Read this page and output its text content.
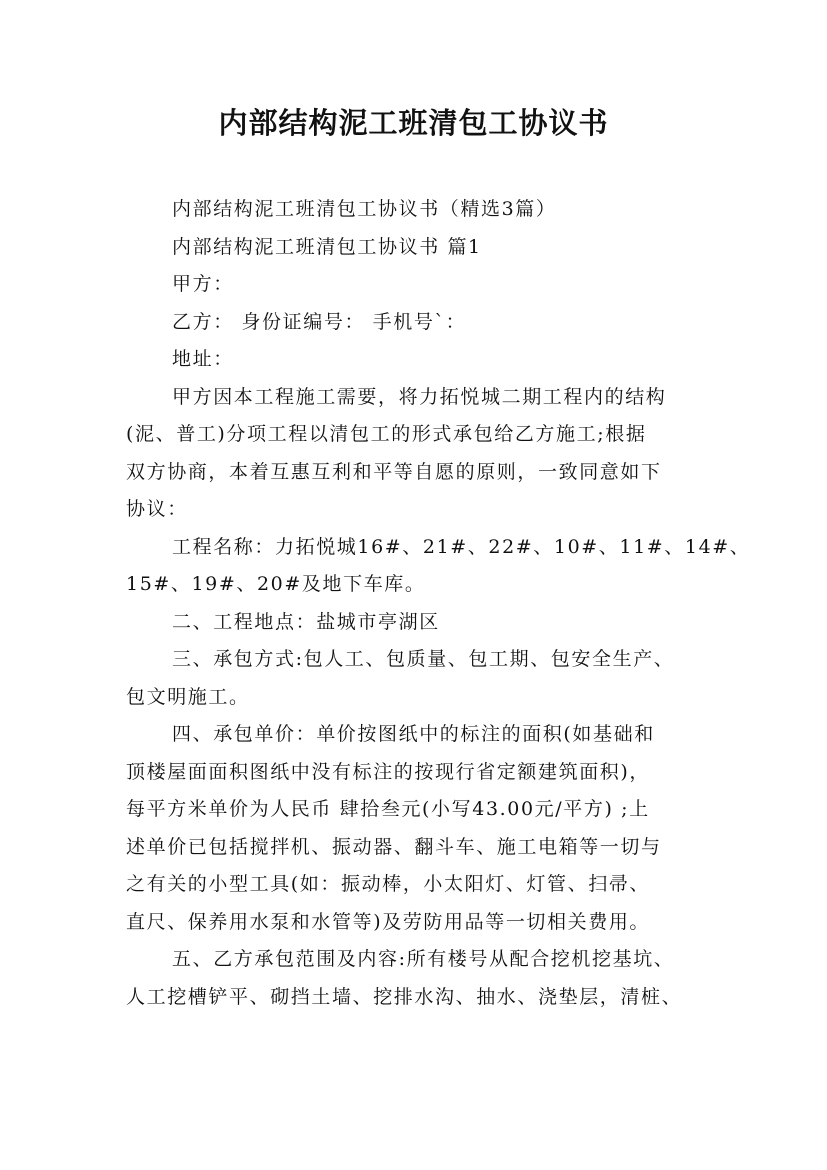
内部结构泥工班清包工协议书

内部结构泥工班清包工协议书（精选3篇）

内部结构泥工班清包工协议书 篇1

甲方：

乙方： 身份证编号： 手机号`：

地址：

甲方因本工程施工需要，将力拓悦城二期工程内的结构

(泥、普工)分项工程以清包工的形式承包给乙方施工;根据

双方协商，本着互惠互利和平等自愿的原则，一致同意如下

协议：

工程名称：力拓悦城16#、21#、22#、10#、11#、14#、

15#、19#、20#及地下车库。

二、工程地点：盐城市亭湖区

三、承包方式:包人工、包质量、包工期、包安全生产、

包文明施工。

四、承包单价：单价按图纸中的标注的面积(如基础和

顶楼屋面面积图纸中没有标注的按现行省定额建筑面积)，

每平方米单价为人民币 肆拾叁元(小写43.00元/平方) ;上

述单价已包括搅拌机、振动器、翻斗车、施工电箱等一切与

之有关的小型工具(如：振动棒，小太阳灯、灯管、扫帚、

直尺、保养用水泵和水管等)及劳防用品等一切相关费用。

五、乙方承包范围及内容:所有楼号从配合挖机挖基坑、

人工挖槽铲平、砌挡土墙、挖排水沟、抽水、浇垫层，清桩、
